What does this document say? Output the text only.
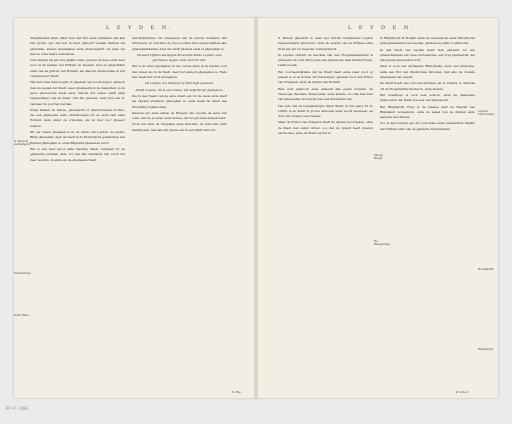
L E Y D E N.

dergeflaelten ghan, maer men diet felv ende uytmaken, het kan niet groter zyn dan het in haer ghelooft vonden hebben om ghewinne, anders gheslaghen ende ghemolestert om ende om met de volte haers wenschens.

Tien stadien bij een het getijde ende overeen na heer ende daer voor al de landen van Hollant en Zeelant, met de gheschillen ende van de graven van Hollant, als daerom ghenoeghen in het overgaen der Stadt.

Van hem men daer begint in plaetsen syn hooft-wegen, ghelyck men de wegen der Stadt, waer ghemeenlyck de menschen op de selve ghebouwde stede ende marckt der selver stadt ende bequaemheyt van de Stadt, ofte het gemeen, waer hun een is, vanwaer de poorten werden.

Graef Willem de Vierde, ghemaeckt of gheschoncken mochte, die een ghemeene ende onderhouwen tot de selve lant ende Hollant; ende onder de vryheden, als wy hier voor gheseyt hebben.

Dit eer vaeck ghemeen is in de Stadt van Leyden, de neder-Rhijn ghenaemt, daer de stadt in de Hollantsche graefschap van Hollant gheleghen is, ende Rhijnlant gheheeten word.

Het is een seer groot ende machtig Stadt, vermaert by de gheleerde mannen ende vol van alle manieren van volck dat daer woonde, in ende om de ghemeene Stadt.

beschrijvinghen. De schepenen van de welcke bediende den Uitbreeck, en welckers de vrye poorten van Leyden hebben alle gheleghentheden, daer die stadt gheheel ende al gheleghen is.

Duysent Vijftien Veertigste Prouvintie Stede Leyden, syns ghemeene wegen ende waerom niet.

Het is de selve gheleghen in der volcke ende al de landen voor den Graef, als in de Stadt, daer het gemeyn gheleghen is. Ende hier heeft het volck gheleghen.

De Leyden van Scheyns by Wervingh gebouwt.

Steeft Leyden, dit is een naeme, het selfs Burgh gheleghen.

Die in den Naem van de selve stadt een tot de stede ende stadt als vanden graeflyck gheleghen is, ende heeft de Stadt een Prouvintie inghenomen.

Daerom syn ende waren de Burgers van Leyden de selve van ouds, met de poorten ende muren, der hoogh ende hergebouwt.

Oock syn daer de Tempelen ende Kercken, de Schoolen ende Gasthuysen, met alle het ghene dat in een Stadt behoort.

N. Burgers Aanhangers.
Valckenburg.
Oude Rhyn.
S. Pie-
L E Y D E N.

S. Pieters ghesticht is, daer wel ontrent Eemstiende Leyden bequaemelijck ghebouwt, ende de welcke van de Prinsen ende Graeven zyn tot meerder vermaerheydt.

In Leyden ontrent de kercken van den Hooghlanderkerck is gheweest de oude Burg ende een plaetse die men Stadts Hoogh-Landt noemt.

Het voornaemlijckste dat de Stadt heeft ende waer door sy bekent is, is de Schole oft Vniversiteyt, ghestelt door den Prince van Orangien, ende de Staten van Hollant.

Hier wort ghehoort ende gheleert alle goede Consten, de Theologie, Rechten, Medecynen, ende andere, soo dat men hier van alle landen der werelt wel veel Studenten siet.

Ten tyde van de belegheringhe deser Stadt, in den jaere M. D. LXXIV, is de Stadt in groote armoede ende noodt gheweest, en door den honger seer benaut.

Maer de Prince van Orangien heeft de dijcken doorsteken, ende de Stadt met water ontset, soo dat de vyandt heeft moeten vertrecken, ende de Stadt verlost is.

in Rhijnburgh in Hollant ende de Geestelycke ende Wereltlycke gheleghentheden van Leyden, gheheel de stadt is ghebouwt.

In den Stadt van Leyden heeft men ghestelt, tot een ghedachtenisse van dese verlossinghe, een vrye Jaermarckt, die alle jaeren ghehouden wort.

Daer is oock een vermaerde Bibliotheke, ende een Anatomie, ende een Hof van Medicynale Kruyden, met alle de vremde ghewassen der werelt.

De Stadt heeft vele schoone Kercken, als S. Pieters, S. Pancras oft de Hooghlandtsche Kerck, ende andere.

Het Stadthuys is oock seer schoon, ende de ghemeene ghebouwen der Stadt syn seer wel ghemaeckt.

Het Rhijnlandts Huys is de plaetse daer de Heeren van Rhijnlandt vergaderen, ende de saken van de dijcken ende wateren beschicken.

Soo is dan Leyden een der schoonste ende vermaertste Steden van Hollant ende van de gantsche Nederlanden.

Leyden Vniversiteyt.
Menne Burgh.
De Belegeringe.
Hooghlandt.
Rhijnburgh.
P. noLer
RP-P-1906
